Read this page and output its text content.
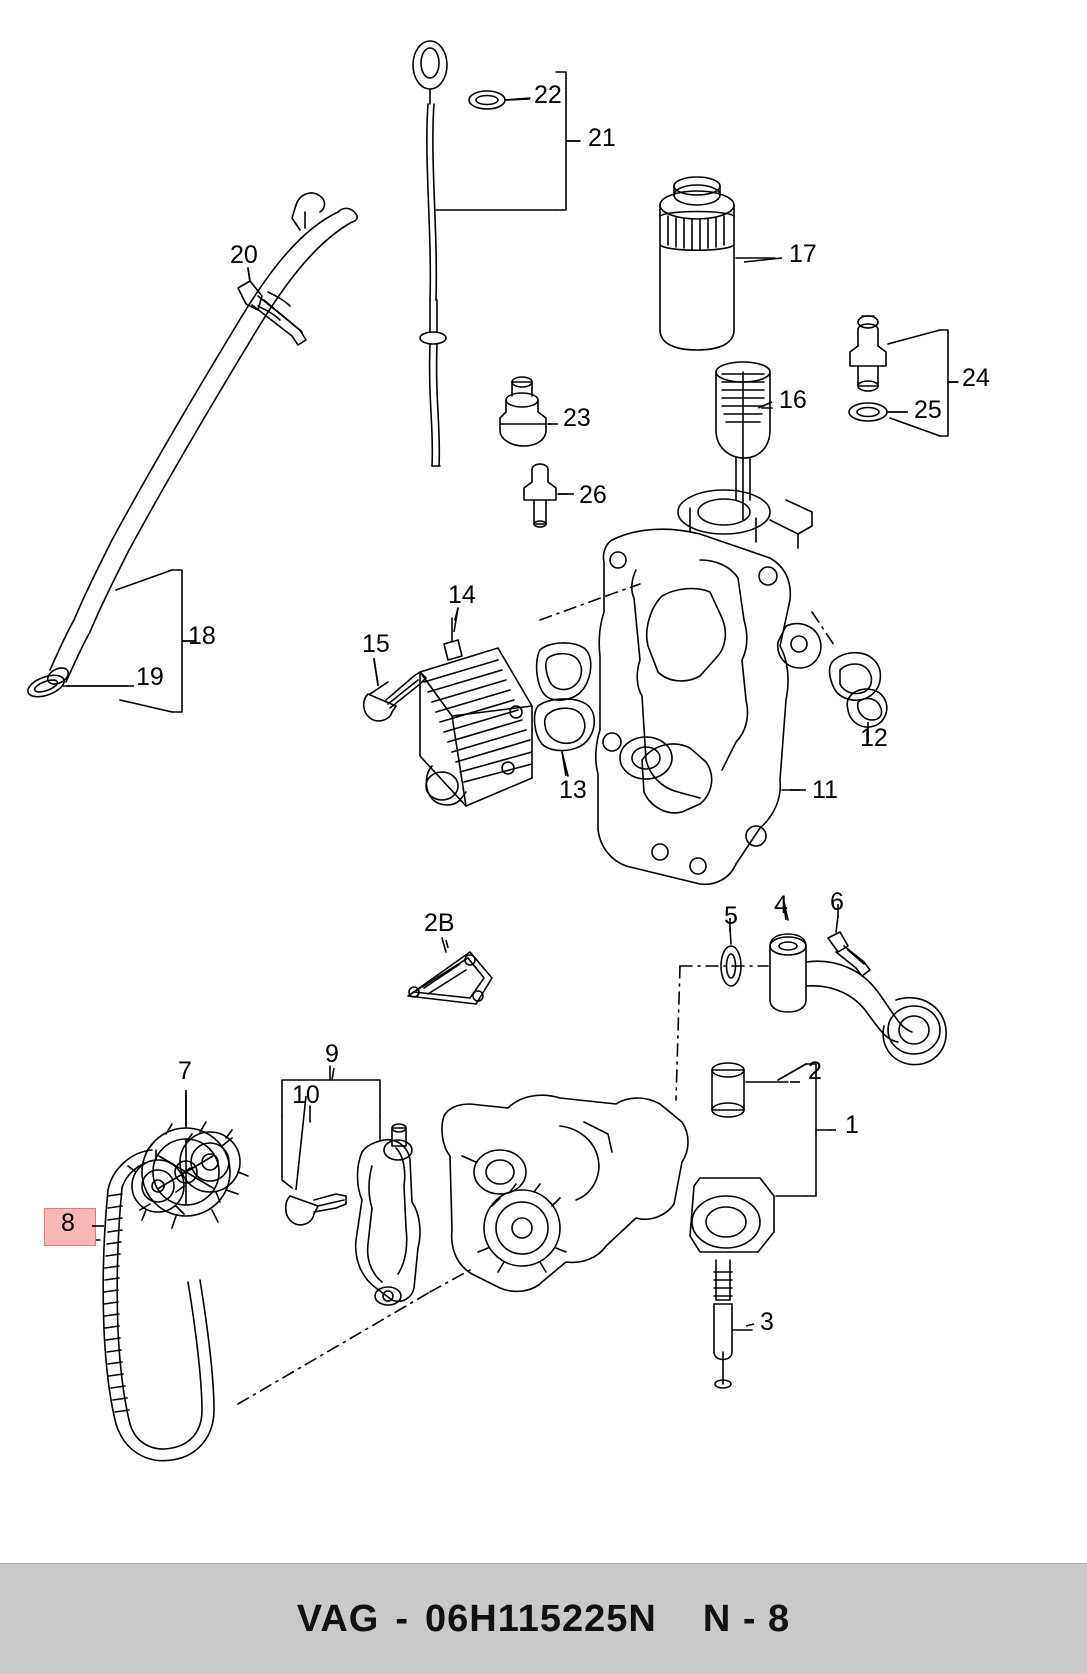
1
2
2B
3
4
5	6
7
8
9
10
11
12
13
14
15
16
17
18
19
20
21
22
23
24
25
26
VAG - 06H115225N N - 8
